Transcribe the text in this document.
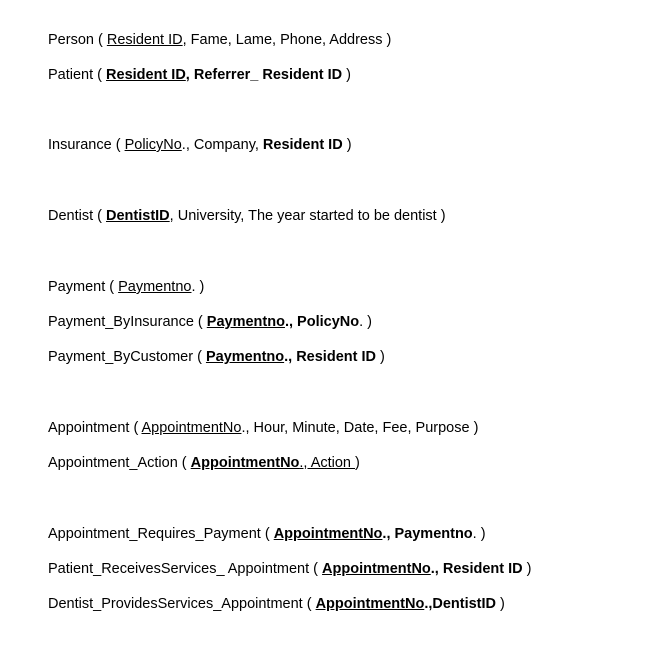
Person ( Resident ID, Fame, Lame, Phone, Address )
Patient ( Resident ID, Referrer_ Resident ID )
Insurance ( PolicyNo., Company, Resident ID )
Dentist ( DentistID, University, The year started to be dentist )
Payment ( Paymentno. )
Payment_ByInsurance ( Paymentno., PolicyNo. )
Payment_ByCustomer ( Paymentno., Resident ID )
Appointment ( AppointmentNo., Hour, Minute, Date, Fee, Purpose )
Appointment_Action ( AppointmentNo., Action )
Appointment_Requires_Payment ( AppointmentNo., Paymentno. )
Patient_ReceivesServices_ Appointment ( AppointmentNo., Resident ID )
Dentist_ProvidesServices_Appointment ( AppointmentNo.,DentistID )
